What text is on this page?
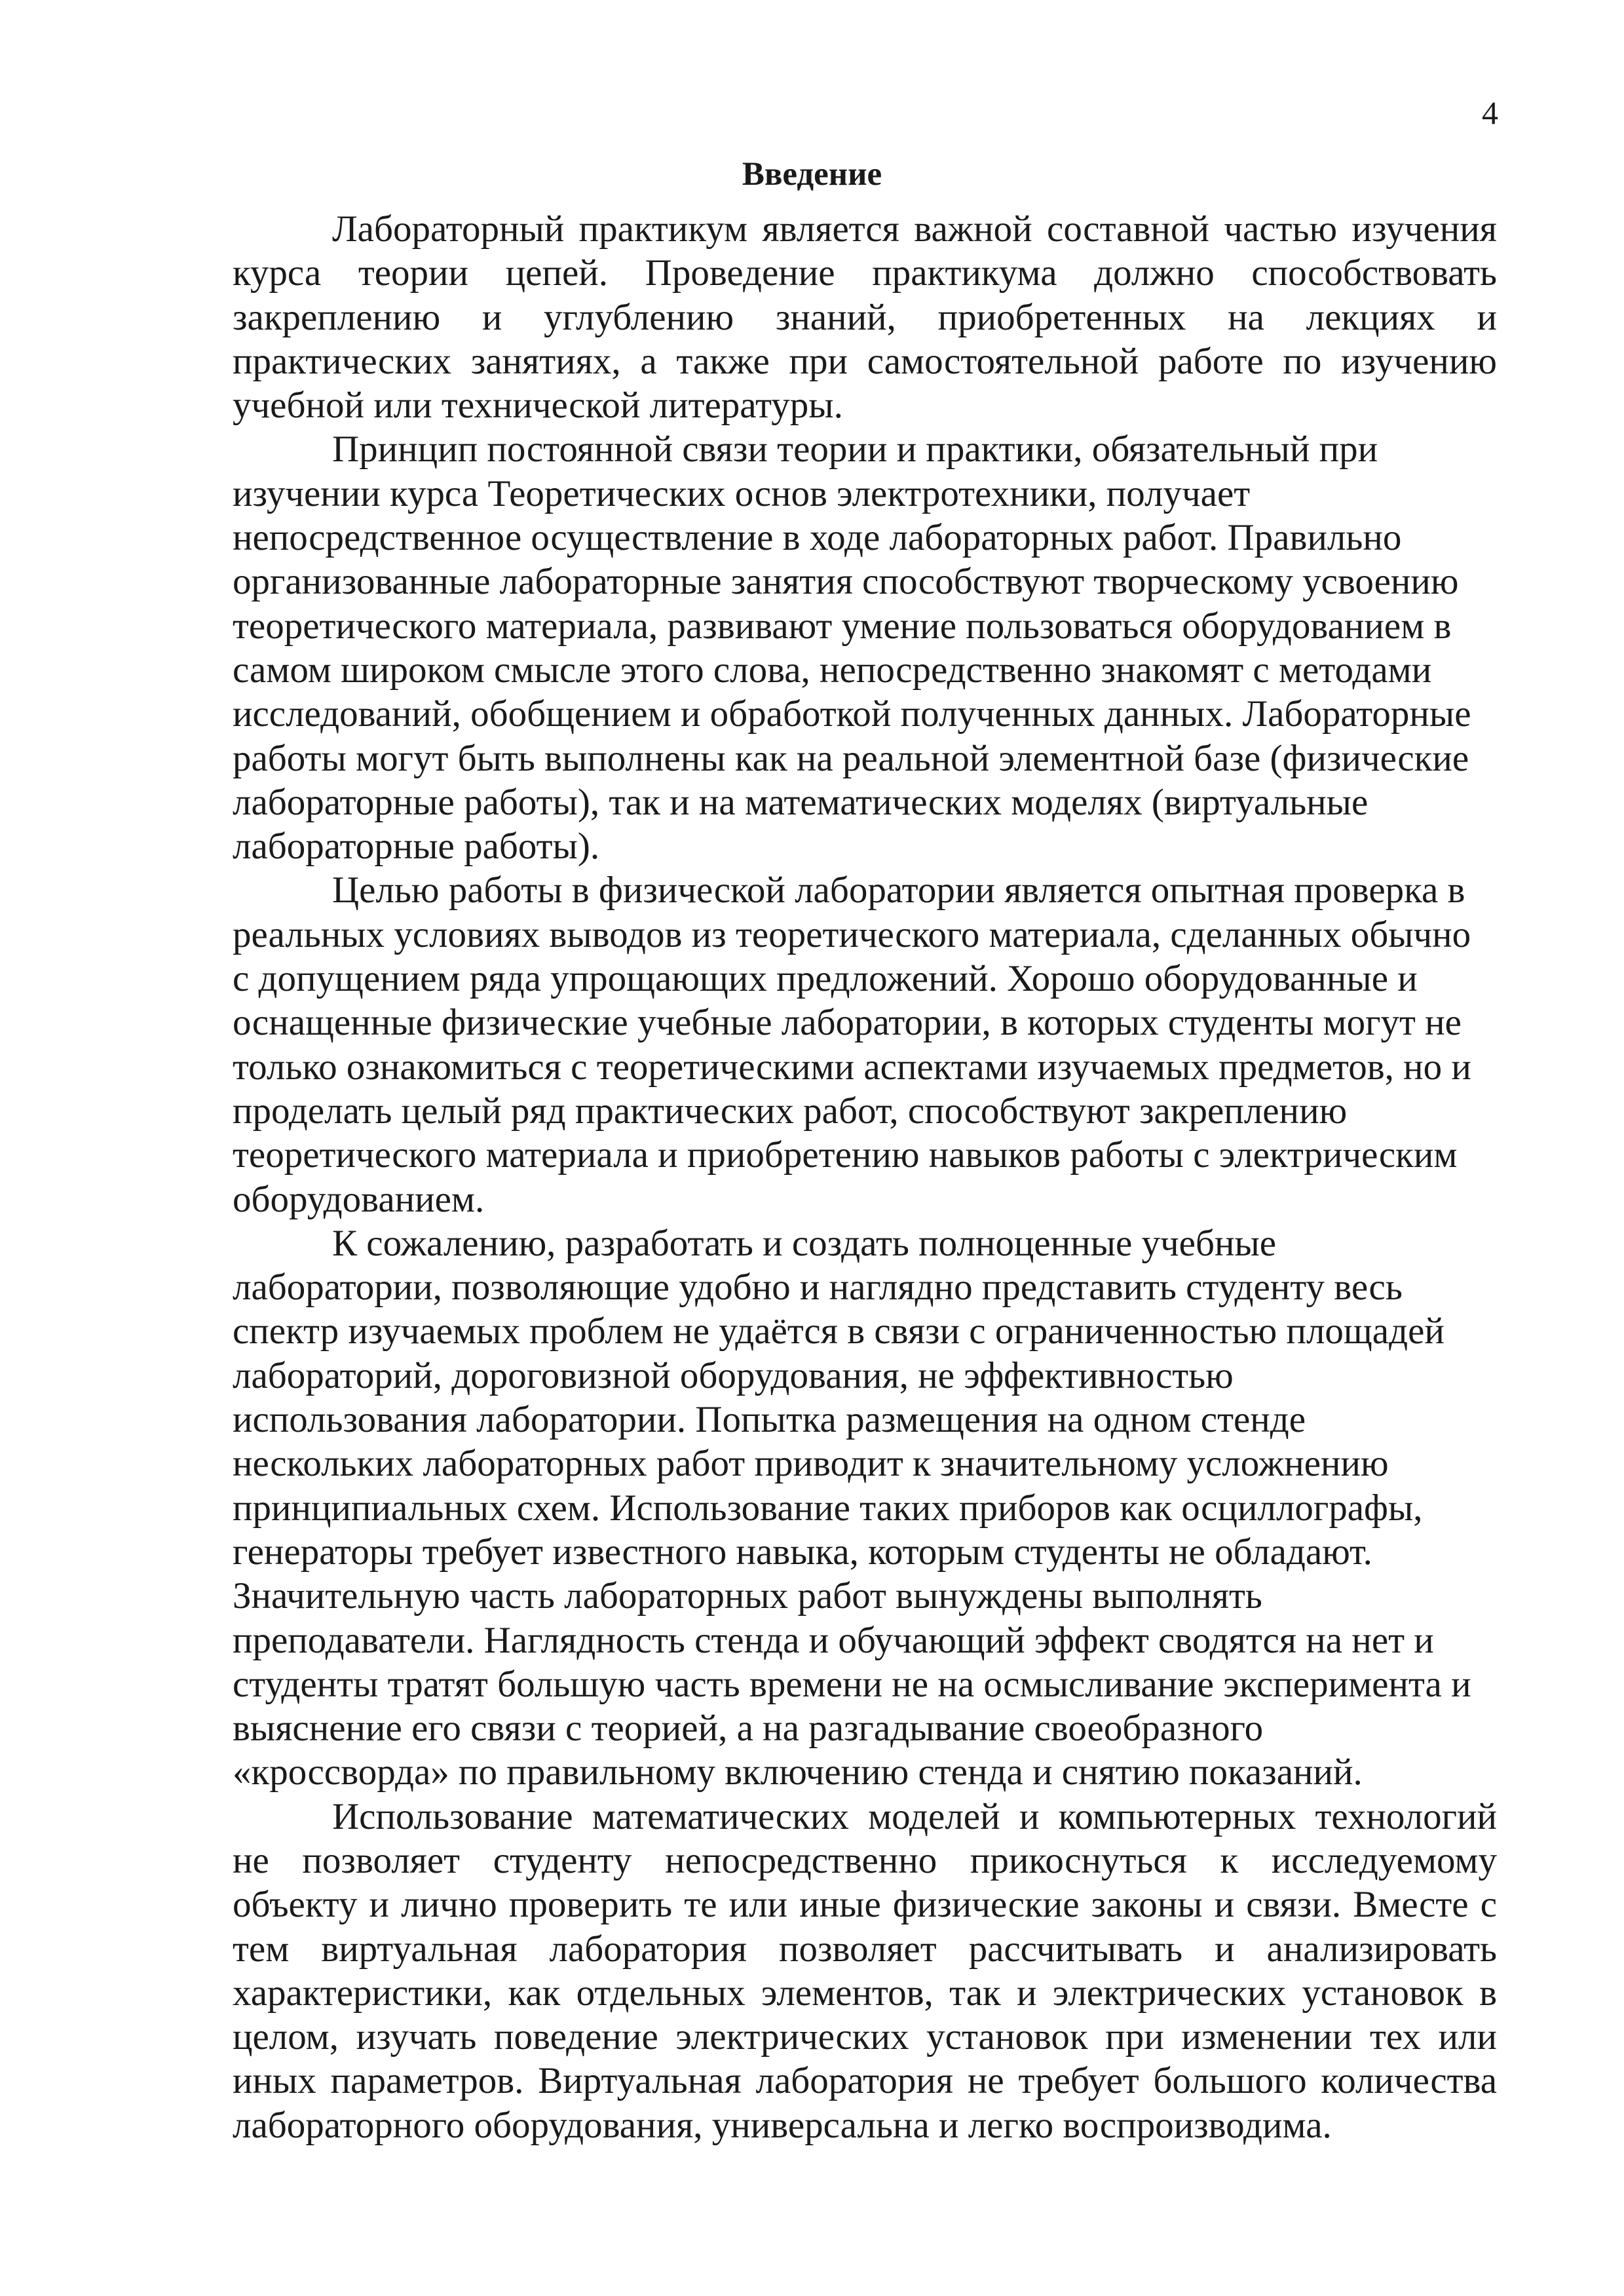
4
Введение
Лабораторный практикум является важной составной частью изучения
курса теории цепей. Проведение практикума должно способствовать
закреплению и углублению знаний, приобретенных на лекциях и
практических занятиях, а также при самостоятельной работе по изучению
учебной или технической литературы.
Принцип постоянной связи теории и практики, обязательный при
изучении курса Теоретических основ электротехники, получает
непосредственное осуществление в ходе лабораторных работ. Правильно
организованные лабораторные занятия способствуют творческому усвоению
теоретического материала, развивают умение пользоваться оборудованием в
самом широком смысле этого слова, непосредственно знакомят с методами
исследований, обобщением и обработкой полученных данных. Лабораторные
работы могут быть выполнены как на реальной элементной базе (физические
лабораторные работы), так и на математических моделях (виртуальные
лабораторные работы).
Целью работы в физической лаборатории является опытная проверка в
реальных условиях выводов из теоретического материала, сделанных обычно
с допущением ряда упрощающих предложений. Хорошо оборудованные и
оснащенные физические учебные лаборатории, в которых студенты могут не
только ознакомиться с теоретическими аспектами изучаемых предметов, но и
проделать целый ряд практических работ, способствуют закреплению
теоретического материала и приобретению навыков работы с электрическим
оборудованием.
К сожалению, разработать и создать полноценные учебные
лаборатории, позволяющие удобно и наглядно представить студенту весь
спектр изучаемых проблем не удаётся в связи с ограниченностью площадей
лабораторий, дороговизной оборудования, не эффективностью
использования лаборатории. Попытка размещения на одном стенде
нескольких лабораторных работ приводит к значительному усложнению
принципиальных схем. Использование таких приборов как осциллографы,
генераторы требует известного навыка, которым студенты не обладают.
Значительную часть лабораторных работ вынуждены выполнять
преподаватели. Наглядность стенда и обучающий эффект сводятся на нет и
студенты тратят большую часть времени не на осмысливание эксперимента и
выяснение его связи с теорией, а на разгадывание своеобразного
«кроссворда» по правильному включению стенда и снятию показаний.
Использование математических моделей и компьютерных технологий
не позволяет студенту непосредственно прикоснуться к исследуемому
объекту и лично проверить те или иные физические законы и связи. Вместе с
тем виртуальная лаборатория позволяет рассчитывать и анализировать
характеристики, как отдельных элементов, так и электрических установок в
целом, изучать поведение электрических установок при изменении тех или
иных параметров. Виртуальная лаборатория не требует большого количества
лабораторного оборудования, универсальна и легко воспроизводима.
